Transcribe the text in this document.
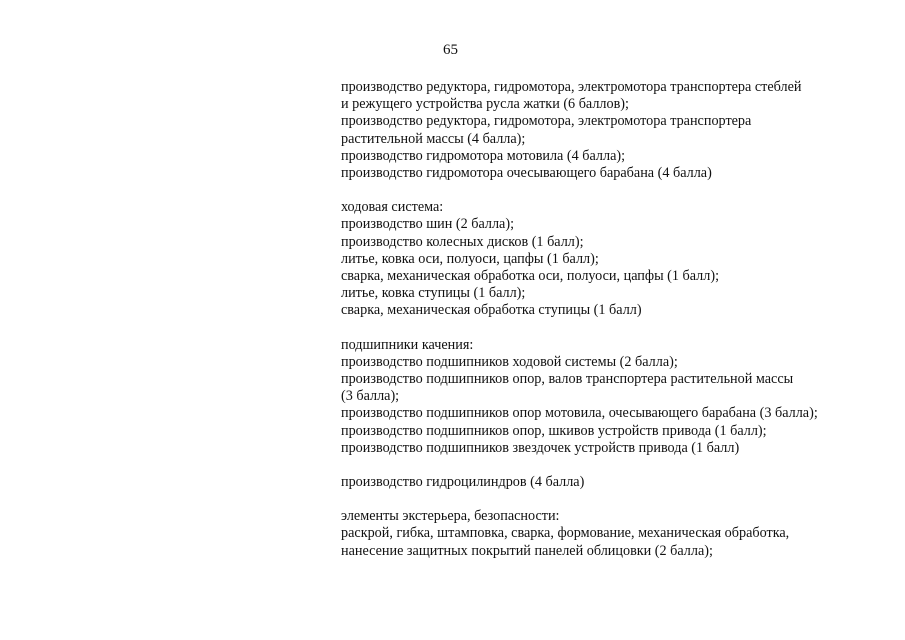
65
производство редуктора, гидромотора, электромотора транспортера стеблей
и режущего устройства русла жатки (6 баллов);
производство редуктора, гидромотора, электромотора транспортера
растительной массы (4 балла);
производство гидромотора мотовила (4 балла);
производство гидромотора очесывающего барабана (4 балла)
ходовая система:
производство шин (2 балла);
производство колесных дисков (1 балл);
литье, ковка оси, полуоси, цапфы (1 балл);
сварка, механическая обработка оси, полуоси, цапфы (1 балл);
литье, ковка ступицы (1 балл);
сварка, механическая обработка ступицы (1 балл)
подшипники качения:
производство подшипников ходовой системы (2 балла);
производство подшипников опор, валов транспортера растительной массы
(3 балла);
производство подшипников опор мотовила, очесывающего барабана (3 балла);
производство подшипников опор, шкивов устройств привода (1 балл);
производство подшипников звездочек устройств привода (1 балл)
производство гидроцилиндров (4 балла)
элементы экстерьера, безопасности:
раскрой, гибка, штамповка, сварка, формование, механическая обработка,
нанесение защитных покрытий панелей облицовки (2 балла);
